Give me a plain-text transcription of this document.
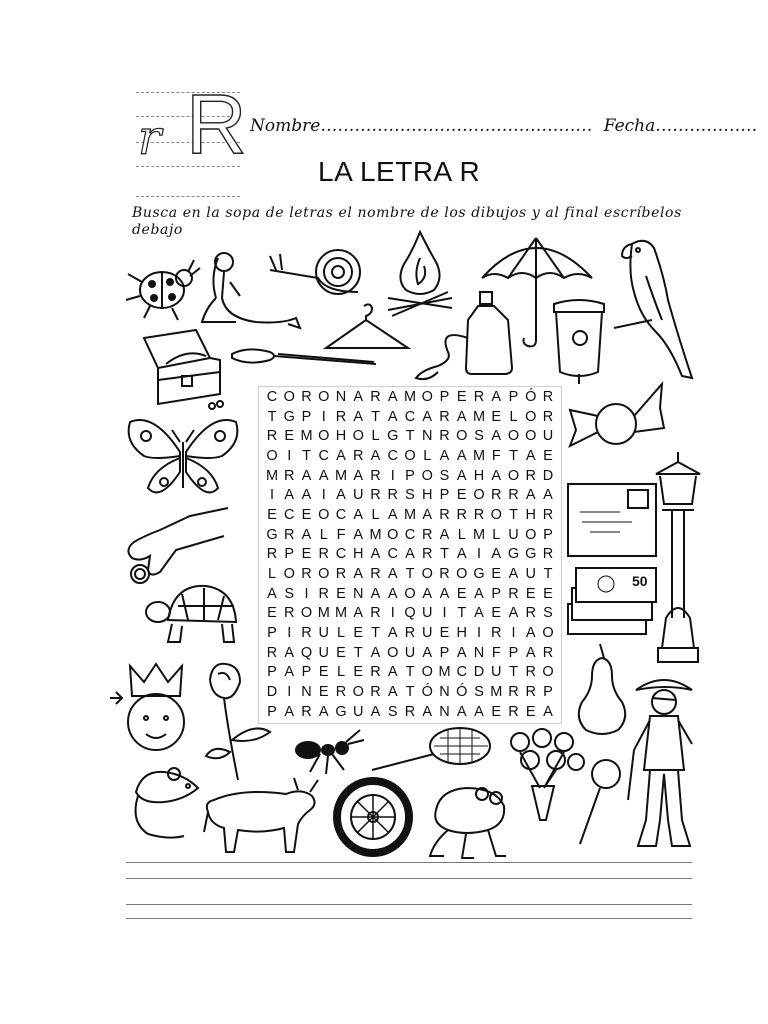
r R Nombre………………………………………… Fecha………………
LA LETRA R
Busca en la sopa de letras el nombre de los dibujos y al final escríbelos debajo
C O R O N A R A M O P E R A P Ó R
T G P I R A T A C A R A M E L O R
R E M O H O L G T N R O S A O O U
O I T C A R A C O L A A M F T A E
M R A A M A R I P O S A H A O R D
I A A I A U R R S H P E O R R A A
E C E O C A L A M A R R R O T H R
G R A L F A M O C R A L M L U O P
R P E R C H A C A R T A I A G G R
L O R O R A R A T O R O G E A U T
A S I R E N A A O A A E A P R E E
E R O M M A R I Q U I T A E A R S
P I R U L E T A R U E H I R I A O
R A Q U E T A O U A P A N F P A R
P A P E L E R A T O M C D U T R O
D I N E R O R A T Ó N Ó S M R R P
P A R A G U A S R A N A A E R E A
50
